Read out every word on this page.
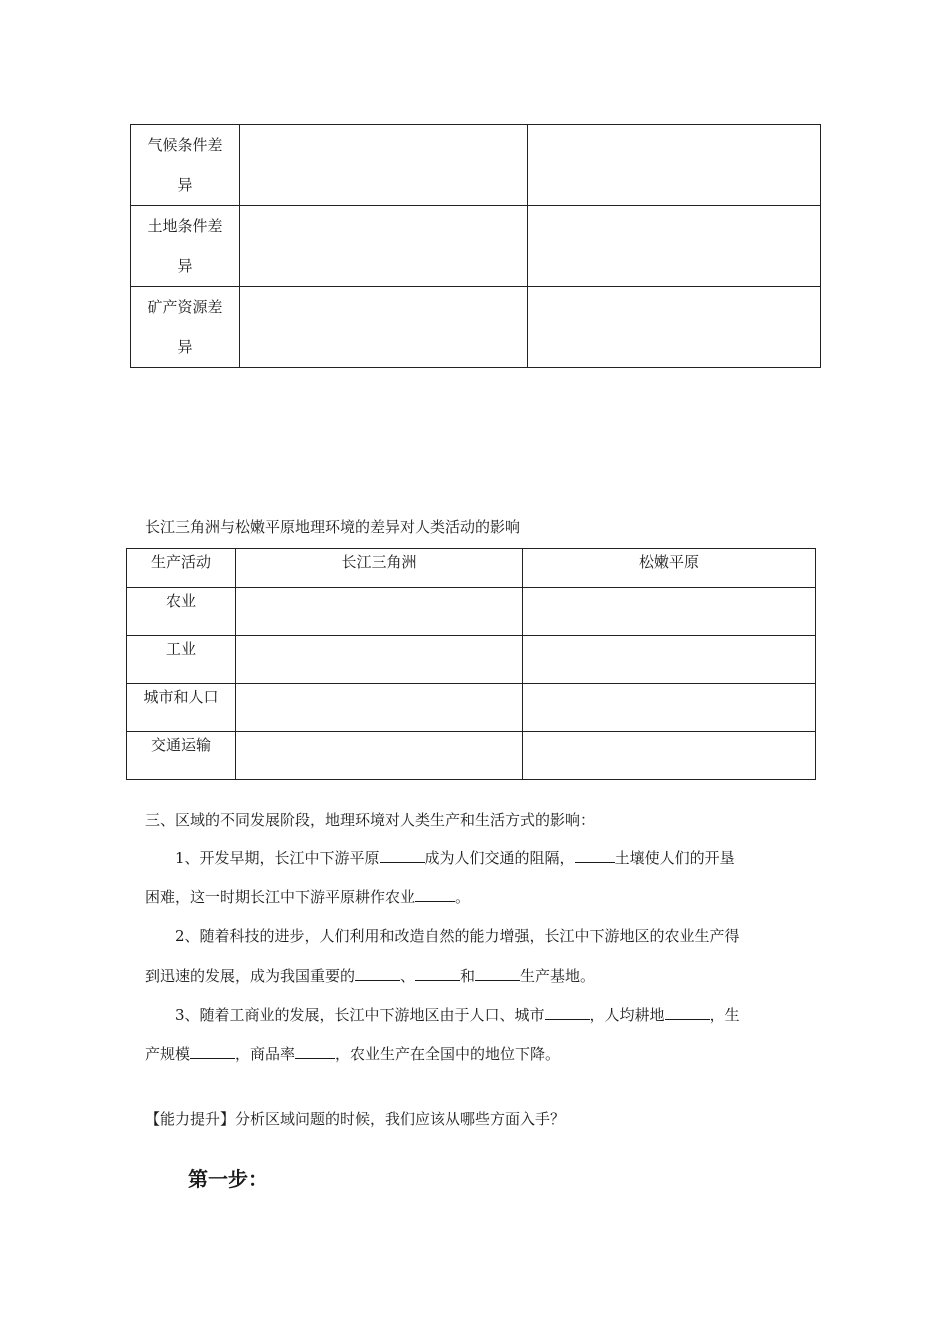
气候条件差
异		

土地条件差
异		

矿产资源差
异		

长江三角洲与松嫩平原地理环境的差异对人类活动的影响
生产活动	长江三角洲	松嫩平原
农业		
工业		
城市和人口		
交通运输		
三、区域的不同发展阶段，地理环境对人类生产和生活方式的影响：
1、开发早期，长江中下游平原	成为人们交通的阻隔，	土壤使人们的开垦
困难，这一时期长江中下游平原耕作农业	。
2、随着科技的进步，人们利用和改造自然的能力增强，长江中下游地区的农业生产得
到迅速的发展，成为我国重要的	、	和	生产基地。
3、随着工商业的发展，长江中下游地区由于人口、城市	，人均耕地	，生
产规模	，商品率	，农业生产在全国中的地位下降。
【能力提升】分析区域问题的时候，我们应该从哪些方面入手？
第一步：
